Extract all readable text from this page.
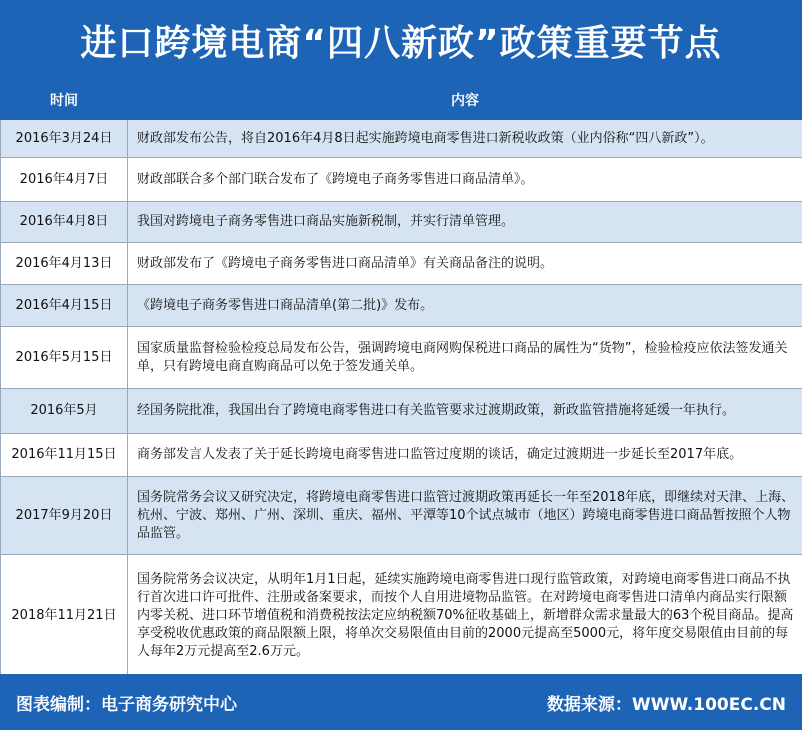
进口跨境电商“四八新政”政策重要节点
时间	内容
2016年3月24日	财政部发布公告，将自2016年4月8日起实施跨境电商零售进口新税收政策（业内俗称“四八新政”）。
2016年4月7日	财政部联合多个部门联合发布了《跨境电子商务零售进口商品清单》。
2016年4月8日	我国对跨境电子商务零售进口商品实施新税制，并实行清单管理。
2016年4月13日	财政部发布了《跨境电子商务零售进口商品清单》有关商品备注的说明。
2016年4月15日	《跨境电子商务零售进口商品清单(第二批)》发布。
2016年5月15日	国家质量监督检验检疫总局发布公告，强调跨境电商网购保税进口商品的属性为“货物”，检验检疫应依法签发通关单，只有跨境电商直购商品可以免于签发通关单。
2016年5月	经国务院批准，我国出台了跨境电商零售进口有关监管要求过渡期政策，新政监管措施将延缓一年执行。
2016年11月15日	商务部发言人发表了关于延长跨境电商零售进口监管过度期的谈话，确定过渡期进一步延长至2017年底。
2017年9月20日	国务院常务会议又研究决定，将跨境电商零售进口监管过渡期政策再延长一年至2018年底，即继续对天津、上海、杭州、宁波、郑州、广州、深圳、重庆、福州、平潭等10个试点城市（地区）跨境电商零售进口商品暂按照个人物品监管。
2018年11月21日	国务院常务会议决定，从明年1月1日起，延续实施跨境电商零售进口现行监管政策，对跨境电商零售进口商品不执行首次进口许可批件、注册或备案要求，而按个人自用进境物品监管。在对跨境电商零售进口清单内商品实行限额内零关税、进口环节增值税和消费税按法定应纳税额70%征收基础上，新增群众需求量最大的63个税目商品。提高享受税收优惠政策的商品限额上限，将单次交易限值由目前的2000元提高至5000元，将年度交易限值由目前的每人每年2万元提高至2.6万元。
图表编制：电子商务研究中心	数据来源：WWW.100EC.CN
